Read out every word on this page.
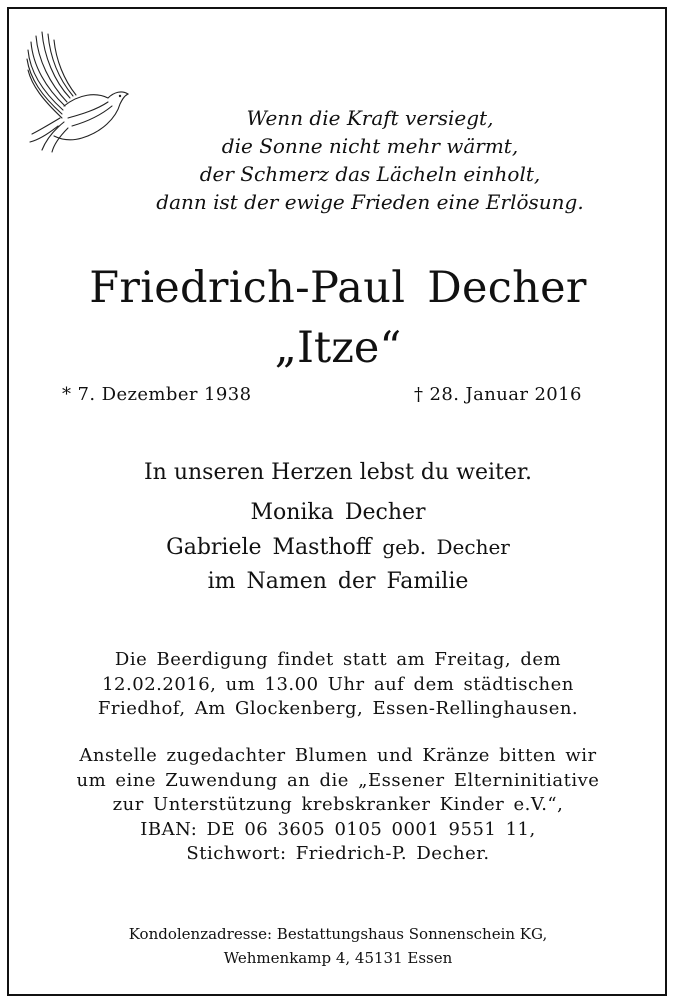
Wenn die Kraft versiegt,
die Sonne nicht mehr wärmt,
der Schmerz das Lächeln einholt,
dann ist der ewige Frieden eine Erlösung.
Friedrich-Paul Decher
„Itze“
* 7. Dezember 1938	† 28. Januar 2016
In unseren Herzen lebst du weiter.
Monika Decher
Gabriele Masthoff geb. Decher
im Namen der Familie
Die Beerdigung findet statt am Freitag, dem
12.02.2016, um 13.00 Uhr auf dem städtischen
Friedhof, Am Glockenberg, Essen-Rellinghausen.
Anstelle zugedachter Blumen und Kränze bitten wir
um eine Zuwendung an die „Essener Elterninitiative
zur Unterstützung krebskranker Kinder e.V.“,
IBAN: DE 06 3605 0105 0001 9551 11,
Stichwort: Friedrich-P. Decher.
Kondolenzadresse: Bestattungshaus Sonnenschein KG,
Wehmenkamp 4, 45131 Essen
